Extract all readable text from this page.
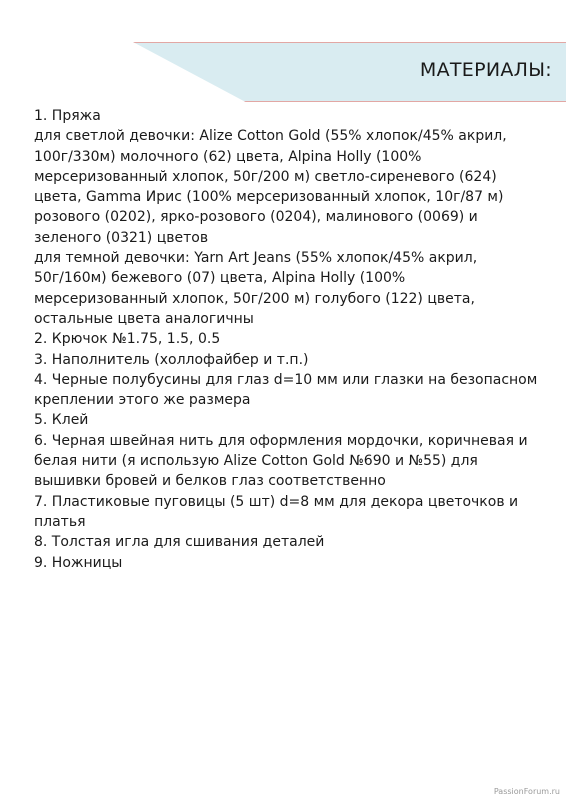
МАТЕРИАЛЫ:
1. Пряжа
для светлой девочки: Alize Cotton Gold (55% хлопок/45% акрил,
100г/330м) молочного (62) цвета, Alpina Holly (100%
мерсеризованный хлопок, 50г/200 м) светло-сиреневого (624)
цвета, Gamma Ирис (100% мерсеризованный хлопок, 10г/87 м)
розового (0202), ярко-розового (0204), малинового (0069) и
зеленого (0321) цветов
для темной девочки: Yarn Art Jeans (55% хлопок/45% акрил,
50г/160м) бежевого (07) цвета, Alpina Holly (100%
мерсеризованный хлопок, 50г/200 м) голубого (122) цвета,
остальные цвета аналогичны
2. Крючок №1.75, 1.5, 0.5
3. Наполнитель (холлофайбер и т.п.)
4. Черные полубусины для глаз d=10 мм или глазки на безопасном
креплении этого же размера
5. Клей
6. Черная швейная нить для оформления мордочки, коричневая и
белая нити (я использую Alize Cotton Gold №690 и №55) для
вышивки бровей и белков глаз соответственно
7. Пластиковые пуговицы (5 шт) d=8 мм для декора цветочков и
платья
8. Толстая игла для сшивания деталей
9. Ножницы
PassionForum.ru
